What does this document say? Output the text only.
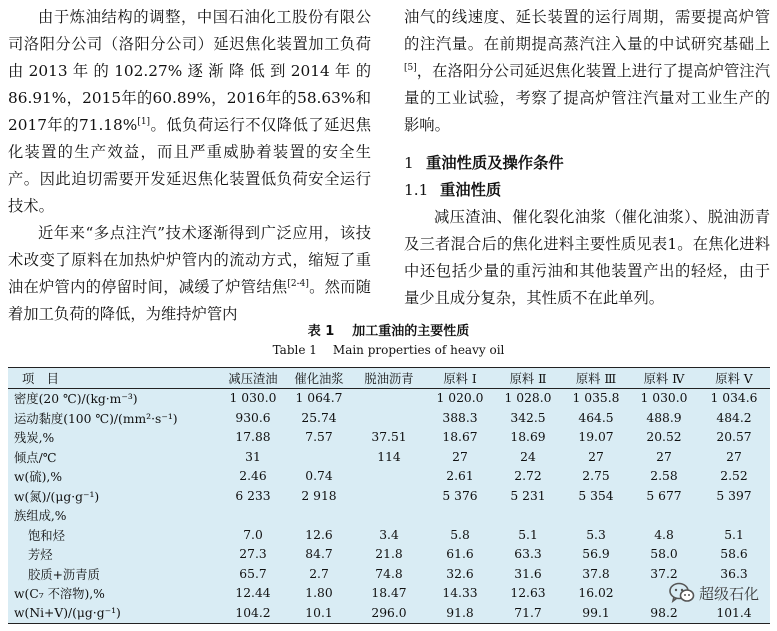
由于炼油结构的调整，中国石油化工股份有限公司洛阳分公司（洛阳分公司）延迟焦化装置加工负荷由2013年的102.27%逐渐降低到2014年的86.91%，2015年的60.89%，2016年的58.63%和2017年的71.18%[1]。低负荷运行不仅降低了延迟焦化装置的生产效益，而且严重威胁着装置的安全生产。因此迫切需要开发延迟焦化装置低负荷安全运行技术。

近年来“多点注汽”技术逐渐得到广泛应用，该技术改变了原料在加热炉炉管内的流动方式，缩短了重油在炉管内的停留时间，减缓了炉管结焦[2-4]。然而随着加工负荷的降低，为维持炉管内

油气的线速度、延长装置的运行周期，需要提高炉管的注汽量。在前期提高蒸汽注入量的中试研究基础上[5]，在洛阳分公司延迟焦化装置上进行了提高炉管注汽量的工业试验，考察了提高炉管注汽量对工业生产的影响。

1 重油性质及操作条件

1.1 重油性质

减压渣油、催化裂化油浆（催化油浆）、脱油沥青及三者混合后的焦化进料主要性质见表1。在焦化进料中还包括少量的重污油和其他装置产出的轻烃，由于量少且成分复杂，其性质不在此单列。

表 1 加工重油的主要性质
Table 1 Main properties of heavy oil
项　目	减压渣油	催化油浆	脱油沥青	原料 Ⅰ	原料 Ⅱ	原料 Ⅲ	原料 Ⅳ	原料 Ⅴ
密度(20 ℃)/(kg·m⁻³)	1 030.0	1 064.7		1 020.0	1 028.0	1 035.8	1 030.0	1 034.6
运动黏度(100 ℃)/(mm²·s⁻¹)	930.6	25.74		388.3	342.5	464.5	488.9	484.2
残炭,%	17.88	7.57	37.51	18.67	18.69	19.07	20.52	20.57
倾点/℃	31		114	27	24	27	27	27
w(硫),%	2.46	0.74		2.61	2.72	2.75	2.58	2.52
w(氮)/(μg·g⁻¹)	6 233	2 918		5 376	5 231	5 354	5 677	5 397
族组成,%								
饱和烃	7.0	12.6	3.4	5.8	5.1	5.3	4.8	5.1
芳烃	27.3	84.7	21.8	61.6	63.3	56.9	58.0	58.6
胶质+沥青质	65.7	2.7	74.8	32.6	31.6	37.8	37.2	36.3
w(C₇ 不溶物),%	12.44	1.80	18.47	14.33	12.63	16.02		
w(Ni+V)/(μg·g⁻¹)	104.2	10.1	296.0	91.8	71.7	99.1	98.2	101.4
超级石化
